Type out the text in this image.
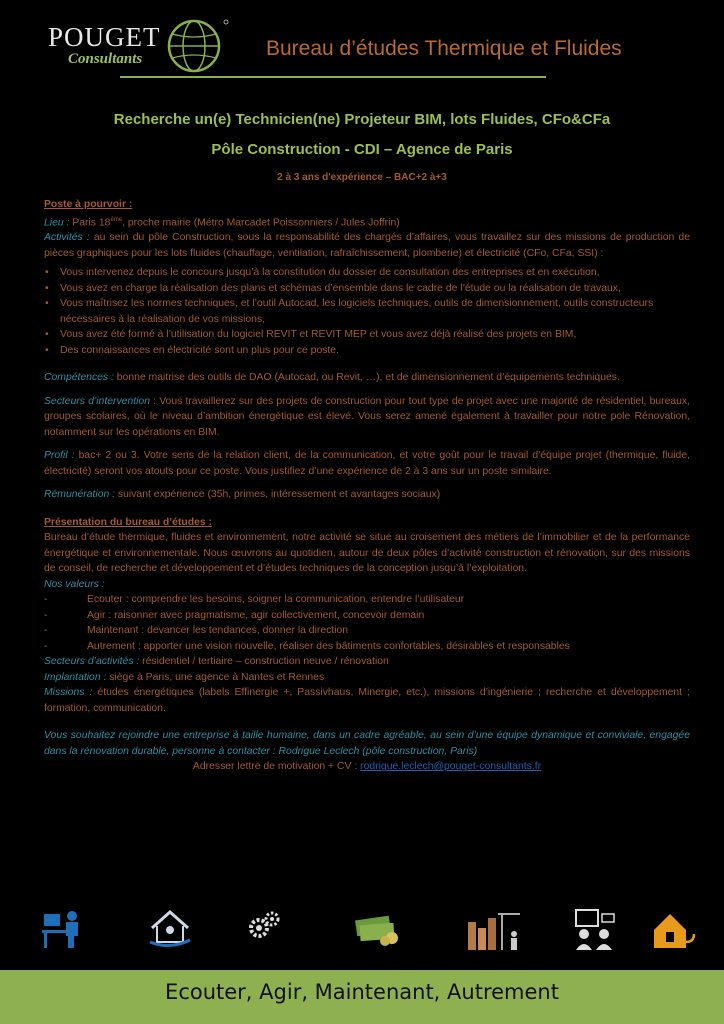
POUGET
Consultants	Bureau d’études Thermique et Fluides
Recherche un(e) Technicien(ne) Projeteur BIM, lots Fluides, CFo&CFa
Pôle Construction - CDI – Agence de Paris
2 à 3 ans d'expérience – BAC+2 à+3

Poste à pourvoir :

Lieu : Paris 18ème, proche mairie (Métro Marcadet Poissonniers / Jules Joffrin)

Activités : au sein du pôle Construction, sous la responsabilité des chargés d’affaires, vous travaillez sur des missions de production de pièces graphiques pour les lots fluides (chauffage, ventilation, rafraîchissement, plomberie) et électricité (CFo, CFa, SSI) :

• Vous intervenez depuis le concours jusqu’à la constitution du dossier de consultation des entreprises et en exécution,
• Vous avez en charge la réalisation des plans et schémas d’ensemble dans le cadre de l’étude ou la réalisation de travaux,
• Vous maîtrisez les normes techniques, et l’outil Autocad, les logiciels techniques, outils de dimensionnement, outils constructeurs nécessaires à la réalisation de vos missions,
• Vous avez été formé à l’utilisation du logiciel REVIT et REVIT MEP et vous avez déjà réalisé des projets en BIM,
• Des connaissances en électricité sont un plus pour ce poste.

Compétences : bonne maitrise des outils de DAO (Autocad, ou Revit, …), et de dimensionnement d’équipements techniques.

Secteurs d’intervention : Vous travaillerez sur des projets de construction pour tout type de projet avec une majorité de résidentiel, bureaux, groupes scolaires, où le niveau d’ambition énergétique est élevé. Vous serez amené également à travailler pour notre pole Rénovation, notamment sur les opérations en BIM.

Profil : bac+ 2 ou 3. Votre sens de la relation client, de la communication, et votre goût pour le travail d’équipe projet (thermique, fluide, électricité) seront vos atouts pour ce poste. Vous justifiez d’une expérience de 2 à 3 ans sur un poste similaire.

Rémunération : suivant expérience (35h, primes, intéressement et avantages sociaux)

Présentation du bureau d’études :

Bureau d’étude thermique, fluides et environnement, notre activité se situe au croisement des métiers de l’immobilier et de la performance énergétique et environnementale. Nous œuvrons au quotidien, autour de deux pôles d’activité construction et rénovation, sur des missions de conseil, de recherche et développement et d’études techniques de la conception jusqu’à l’exploitation.

Nos valeurs :

- Ecouter : comprendre les besoins, soigner la communication, entendre l’utilisateur
- Agir : raisonner avec pragmatisme, agir collectivement, concevoir demain
- Maintenant : devancer les tendances, donner la direction
- Autrement : apporter une vision nouvelle, réaliser des bâtiments confortables, désirables et responsables

Secteurs d’activités : résidentiel / tertiaire – construction neuve / rénovation

Implantation : siège à Paris, une agence à Nantes et Rennes

Missions : études énergétiques (labels Effinergie +, Passivhaus, Minergie, etc.), missions d’ingénierie ; recherche et développement ; formation, communication.

Vous souhaitez rejoindre une entreprise à taille humaine, dans un cadre agréable, au sein d’une équipe dynamique et conviviale, engagée dans la rénovation durable, personne à contacter : Rodrigue Leclech (pôle construction, Paris)

Adresser lettre de motivation + CV : rodrigue.leclech@pouget-consultants.fr

Ecouter, Agir, Maintenant, Autrement
